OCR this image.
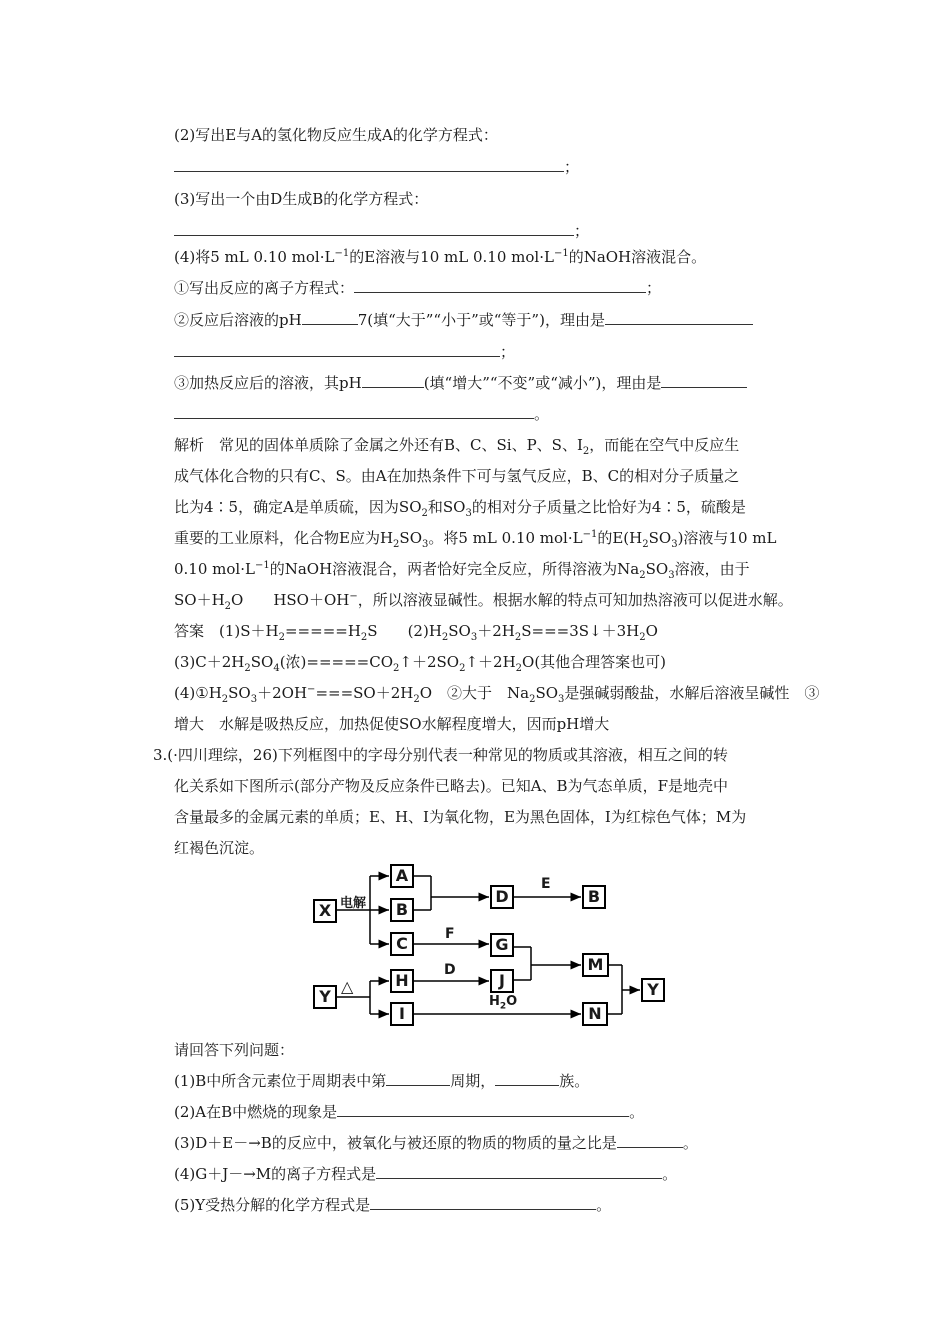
(2)写出E与A的氢化物反应生成A的化学方程式：
；
(3)写出一个由D生成B的化学方程式：
；
(4)将5 mL 0.10 $mol\cdot L^{-1}$的E溶液与10 mL 0.10 $mol\cdot L^{-1}$的NaOH溶液混合。
①写出反应的离子方程式：	；
②反应后溶液的pH	7(填“大于”“小于”或“等于”)，理由是
；
③加热反应后的溶液，其pH	(填“增大”“不变”或“减小”)，理由是
。
解析　常见的固体单质除了金属之外还有B、C、Si、P、S、$I_2$，而能在空气中反应生
成气体化合物的只有C、S。由A在加热条件下可与氢气反应，B、C的相对分子质量之
比为4∶5，确定A是单质硫，因为$SO_2$和$SO_3$的相对分子质量之比恰好为4∶5，硫酸是
重要的工业原料，化合物E应为$H_2SO_3$。将5 mL 0.10 $mol\cdot L^{-1}$的$E(H_2SO_3)$溶液与10 mL
0.10 $mol\cdot L^{-1}$的NaOH溶液混合，两者恰好完全反应，所得溶液为$Na_2SO_3$溶液，由于
$SO+H_2O$　　HSO＋OH−，所以溶液显碱性。根据水解的特点可知加热溶液可以促进水解。
答案　$(1)S+H_2=====H_2S$　　$(2)H_2SO_3+2H_2S===3S↓+3H_2O$
$(3)C+2H_2SO_4$(浓)$=====CO_2↑+2SO_2↑+2H_2O$(其他合理答案也可)
$(4)①H_2SO_3+2OH^-===SO+2H_2O$　②大于　$Na_2SO_3$是强碱弱酸盐，水解后溶液呈碱性　③
增大　水解是吸热反应，加热促使SO水解程度增大，因而pH增大
3.(·四川理综，26)下列框图中的字母分别代表一种常见的物质或其溶液，相互之间的转
化关系如下图所示(部分产物及反应条件已略去)。已知A、B为气态单质，F是地壳中
含量最多的金属元素的单质；E、H、I为氧化物，E为黑色固体，I为红棕色气体；M为
红褐色沉淀。
X
A
B
C
D	B
G
M
Y
H	J
I	N
Y
电解
E
F
△
D
$H_2O$
请回答下列问题：
(1)B中所含元素位于周期表中第	周期，	族。
(2)A在B中燃烧的现象是	。
(3)D＋E－→B的反应中，被氧化与被还原的物质的物质的量之比是	。
(4)G＋J－→M的离子方程式是	。
(5)Y受热分解的化学方程式是	。
